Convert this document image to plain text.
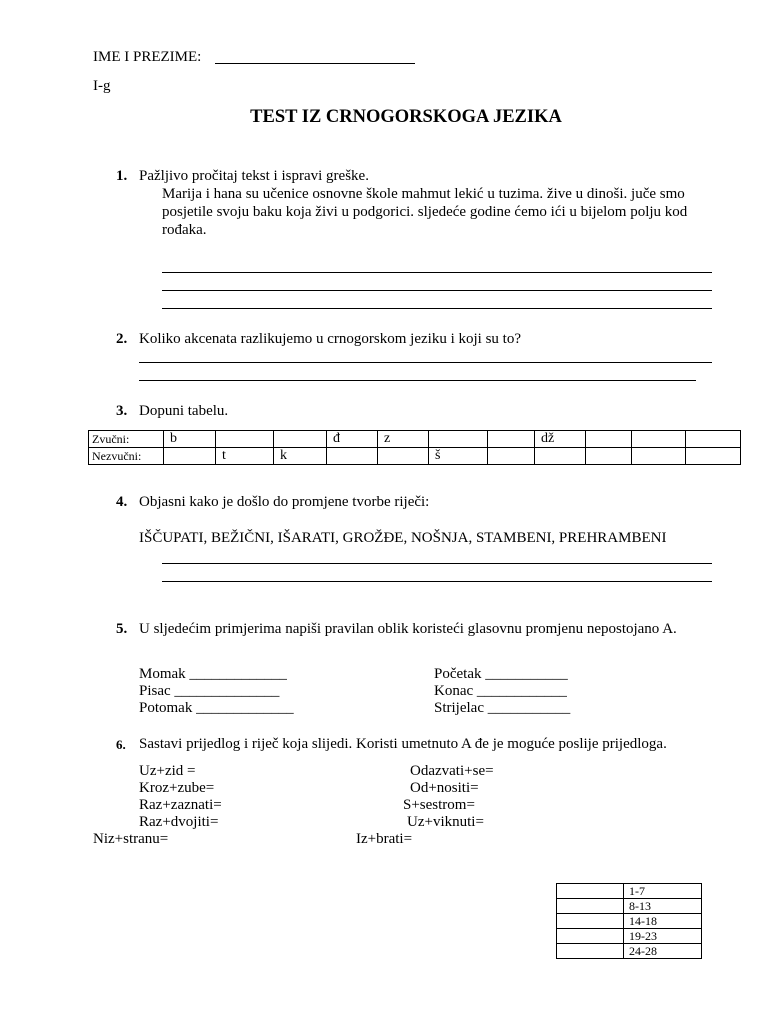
IME I PREZIME:
I-g
TEST IZ CRNOGORSKOGA JEZIKA
1. Pažljivo pročitaj tekst i ispravi greške.
Marija i hana su učenice osnovne škole mahmut lekić u tuzima. žive u dinoši. juče smo
posjetile svoju baku koja živi u podgorici. sljedeće godine ćemo ići u bijelom polju kod
rođaka.
2. Koliko akcenata razlikujemo u crnogorskom jeziku i koji su to?
3. Dopuni tabelu.
Zvučni:	b			đ	z			dž			
Nezvučni:		t	k			š					
4. Objasni kako je došlo do promjene tvorbe riječi:
IŠČUPATI, BEŽIČNI, IŠARATI, GROŽĐE, NOŠNJA, STAMBENI, PREHRAMBENI
5. U sljedećim primjerima napiši pravilan oblik koristeći glasovnu promjenu nepostojano A.
Momak _____________
Pisac ______________
Potomak _____________
Početak ___________
Konac ____________
Strijelac ___________
6. Sastavi prijedlog i riječ koja slijedi. Koristi umetnuto A đe je moguće poslije prijedloga.
Uz+zid =
Kroz+zube=
Raz+zaznati=
Raz+dvojiti=
Niz+stranu=
Odazvati+se=
Od+nositi=
S+sestrom=
Uz+viknuti=
Iz+brati=
	1-7
	8-13
	14-18
	19-23
	24-28
